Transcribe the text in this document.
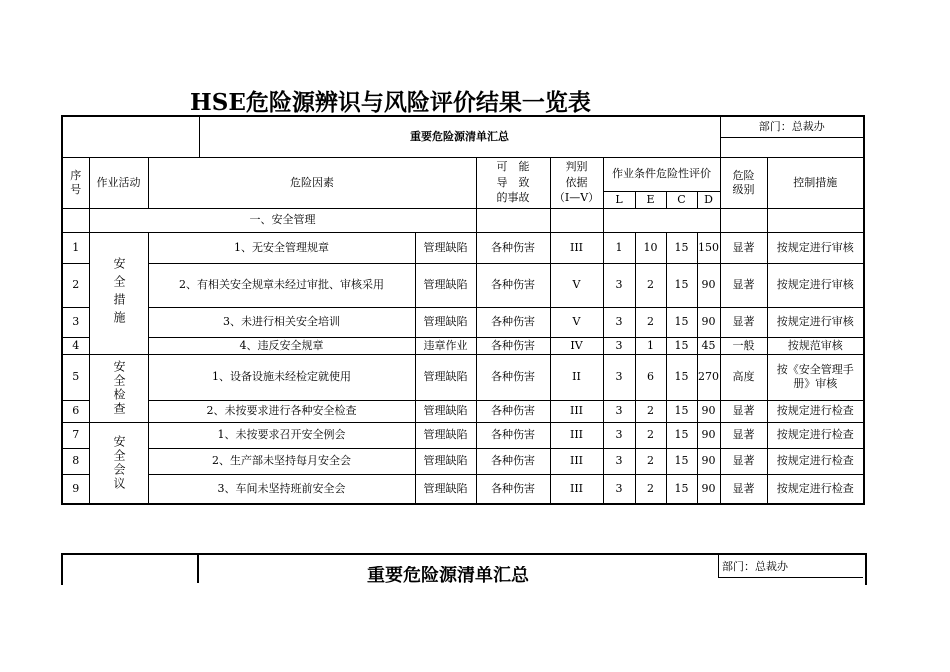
HSE危险源辨识与风险评价结果一览表
			重要危险源清单汇总								部门：总裁办	

序号	作业活动	危险因素			可　能
导　致
的事故	判别
依据
（Ⅰ—Ⅴ）	作业条件危险性评价				危险
级别	控制措施
							L	E	C	D		
	一、安全管理											
1	安全措施	1、无安全管理规章		管理缺陷	各种伤害	III	1	10	15	150	显著	按规定进行审核
2		2、有相关安全规章未经过审批、审核采用		管理缺陷	各种伤害	V	3	2	15	90	显著	按规定进行审核
3		3、未进行相关安全培训		管理缺陷	各种伤害	V	3	2	15	90	显著	按规定进行审核
4		4、违反安全规章		违章作业	各种伤害	IV	3	1	15	45	一般	按规范审核
5	安全检查	1、设备设施未经检定就使用		管理缺陷	各种伤害	II	3	6	15	270	高度	按《安全管理手册》审核
6		2、未按要求进行各种安全检查		管理缺陷	各种伤害	III	3	2	15	90	显著	按规定进行检查
7	安全会议	1、未按要求召开安全例会		管理缺陷	各种伤害	III	3	2	15	90	显著	按规定进行检查
8		2、生产部未坚持每月安全会		管理缺陷	各种伤害	III	3	2	15	90	显著	按规定进行检查
9		3、车间未坚持班前安全会		管理缺陷	各种伤害	III	3	2	15	90	显著	按规定进行检查
部门：总裁办
重要危险源清单汇总
